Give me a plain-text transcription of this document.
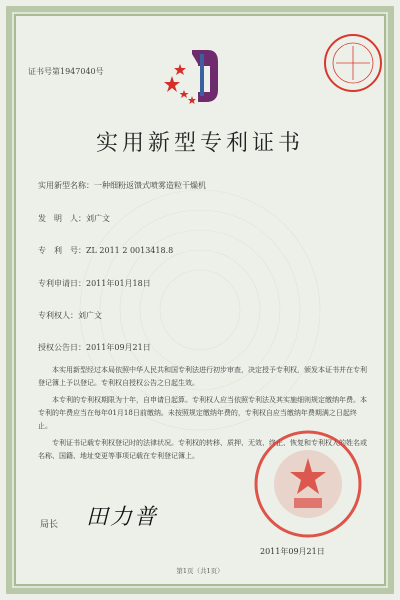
证书号第1947040号
实用新型专利证书
实用新型名称：一种细粉返馈式喷雾造粒干燥机
发　明　人：刘广文
专　利　号：ZL 2011 2 0013418.8
专利申请日：2011年01月18日
专利权人：刘广文
授权公告日：2011年09月21日

本实用新型经过本局依照中华人民共和国专利法进行初步审查，决定授予专利权，颁发本证书并在专利登记簿上予以登记。专利权自授权公告之日起生效。

本专利的专利权期限为十年，自申请日起算。专利权人应当依照专利法及其实施细则规定缴纳年费。本专利的年费应当在每年01月18日前缴纳。未按照规定缴纳年费的，专利权自应当缴纳年费期满之日起终止。

专利证书记载专利权登记时的法律状况。专利权的转移、质押、无效、终止、恢复和专利权人的姓名或名称、国籍、地址变更等事项记载在专利登记簿上。

局长 田力普
2011年09月21日
第1页（共1页）
